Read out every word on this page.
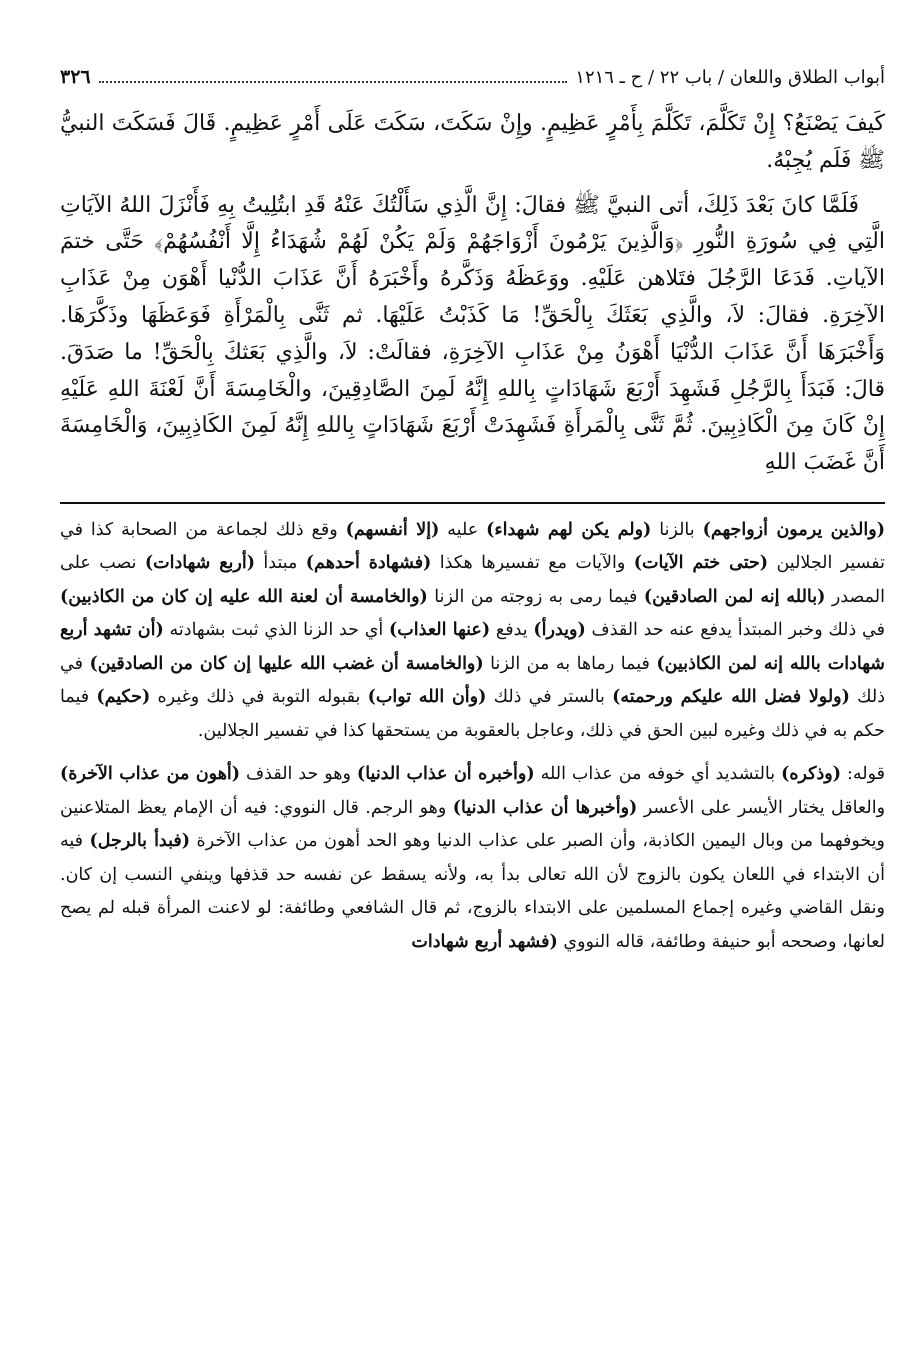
أبواب الطلاق واللعان / باب ٢٢ / ح ـ ١٢١٦
٣٢٦

كَيفَ يَصْنَعُ؟ إِنْ تَكَلَّمَ، تَكَلَّمَ بِأَمْرٍ عَظِيمٍ. وإِنْ سَكَتَ، سَكَتَ عَلَى أَمْرٍ عَظِيمٍ. قَالَ فَسَكَتَ النبيُّ ﷺ فَلَم يُجِبْهُ.

فَلَمَّا كانَ بَعْدَ ذَلِكَ، أتى النبيَّ ﷺ فقالَ: إِنَّ الَّذِي سَأَلْتُكَ عَنْهُ قَدِ ابتُلِيتُ بِهِ فَأَنْزَلَ اللهُ الآيَاتِ الَّتِي فِي سُورَةِ النُّورِ ﴿وَالَّذِينَ يَرْمُونَ أَزْوَاجَهُمْ وَلَمْ يَكُنْ لَهُمْ شُهَدَاءُ إِلَّا أَنْفُسُهُمْ﴾ حَتَّى ختمَ الآياتِ. فَدَعَا الرَّجُلَ فتَلاهن عَلَيْهِ. ووَعَظَهُ وَذَكَّرهُ وأَخْبَرَهُ أَنَّ عَذَابَ الدُّنْيا أَهْوَن مِنْ عَذَابِ الآخِرَةِ. فقالَ: لاَ، والَّذِي بَعَثَكَ بِالْحَقِّ! مَا كَذَبْتُ عَلَيْهَا. ثم ثَنَّى بِالْمَرْأَةِ فَوَعَظَهَا وذَكَّرَهَا. وَأَخْبَرَهَا أَنَّ عَذَابَ الدُّنْيَا أَهْوَنُ مِنْ عَذَابِ الآخِرَةِ، فقالَتْ: لاَ، والَّذِي بَعَثكَ بِالْحَقِّ! ما صَدَقَ. قالَ: فَبَدَأَ بِالرَّجُلِ فَشَهِدَ أَرْبَعَ شَهَادَاتٍ بِاللهِ إِنَّهُ لَمِنَ الصَّادِقِينَ، والْخَامِسَةَ أَنَّ لَعْنَةَ اللهِ عَلَيْهِ إِنْ كَانَ مِنَ الْكَاذِبِينَ. ثُمَّ ثَنَّى بِالْمَرأَةِ فَشَهِدَتْ أَرْبَعَ شَهَادَاتٍ بِاللهِ إِنَّهُ لَمِنَ الكَاذِبِينَ، وَالْخَامِسَةَ أَنَّ غَضَبَ اللهِ

(والذين يرمون أزواجهم) بالزنا (ولم يكن لهم شهداء) عليه (إلا أنفسهم) وقع ذلك لجماعة من الصحابة كذا في تفسير الجلالين (حتى ختم الآيات) والآيات مع تفسيرها هكذا (فشهادة أحدهم) مبتدأ (أربع شهادات) نصب على المصدر (بالله إنه لمن الصادقين) فيما رمى به زوجته من الزنا (والخامسة أن لعنة الله عليه إن كان من الكاذبين) في ذلك وخبر المبتدأ يدفع عنه حد القذف (ويدرأ) يدفع (عنها العذاب) أي حد الزنا الذي ثبت بشهادته (أن تشهد أربع شهادات بالله إنه لمن الكاذبين) فيما رماها به من الزنا (والخامسة أن غضب الله عليها إن كان من الصادقين) في ذلك (ولولا فضل الله عليكم ورحمته) بالستر في ذلك (وأن الله تواب) بقبوله التوبة في ذلك وغيره (حكيم) فيما حكم به في ذلك وغيره لبين الحق في ذلك، وعاجل بالعقوبة من يستحقها كذا في تفسير الجلالين.

قوله: (وذكره) بالتشديد أي خوفه من عذاب الله (وأخبره أن عذاب الدنيا) وهو حد القذف (أهون من عذاب الآخرة) والعاقل يختار الأيسر على الأعسر (وأخبرها أن عذاب الدنيا) وهو الرجم. قال النووي: فيه أن الإمام يعظ المتلاعنين ويخوفهما من وبال اليمين الكاذبة، وأن الصبر على عذاب الدنيا وهو الحد أهون من عذاب الآخرة (فبدأ بالرجل) فيه أن الابتداء في اللعان يكون بالزوج لأن الله تعالى بدأ به، ولأنه يسقط عن نفسه حد قذفها وينفي النسب إن كان. ونقل القاضي وغيره إجماع المسلمين على الابتداء بالزوج، ثم قال الشافعي وطائفة: لو لاعنت المرأة قبله لم يصح لعانها، وصححه أبو حنيفة وطائفة، قاله النووي (فشهد أربع شهادات
